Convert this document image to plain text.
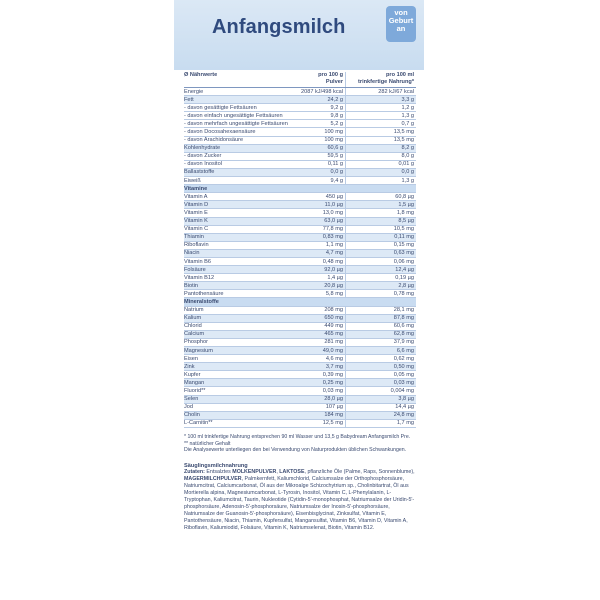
Anfangsmilch
von
Geburt
an
Ø Nährwerte	pro 100 g
Pulver
pro 100 ml
trinkfertige Nahrung*
Energie	2087 kJ/498 kcal	282 kJ/67 kcal
Fett	24,2 g	3,3 g
- davon gesättigte Fettsäuren	9,2 g	1,2 g
- davon einfach ungesättigte Fettsäuren	9,8 g	1,3 g
- davon mehrfach ungesättigte Fettsäuren	5,2 g	0,7 g
- davon Docosahexaensäure	100 mg	13,5 mg
- davon Arachidonsäure	100 mg	13,5 mg
Kohlenhydrate	60,6 g	8,2 g
- davon Zucker	59,5 g	8,0 g
- davon Inositol	0,11 g	0,01 g
Ballaststoffe	0,0 g	0,0 g
Eiweiß	9,4 g	1,3 g
Vitamine
Vitamin A	450 µg	60,8 µg
Vitamin D	11,0 µg	1,5 µg
Vitamin E	13,0 mg	1,8 mg
Vitamin K	63,0 µg	8,5 µg
Vitamin C	77,8 mg	10,5 mg
Thiamin	0,83 mg	0,11 mg
Riboflavin	1,1 mg	0,15 mg
Niacin	4,7 mg	0,63 mg
Vitamin B6	0,48 mg	0,06 mg
Folsäure	92,0 µg	12,4 µg
Vitamin B12	1,4 µg	0,19 µg
Biotin	20,8 µg	2,8 µg
Pantothensäure	5,8 mg	0,78 mg
Mineralstoffe
Natrium	208 mg	28,1 mg
Kalium	650 mg	87,8 mg
Chlorid	449 mg	60,6 mg
Calcium	465 mg	62,8 mg
Phosphor	281 mg	37,9 mg
Magnesium	49,0 mg	6,6 mg
Eisen	4,6 mg	0,62 mg
Zink	3,7 mg	0,50 mg
Kupfer	0,39 mg	0,05 mg
Mangan	0,25 mg	0,03 mg
Fluorid**	0,03 mg	0,004 mg
Selen	28,0 µg	3,8 µg
Jod	107 µg	14,4 µg
Cholin	184 mg	24,8 mg
L-Carnitin**	12,5 mg	1,7 mg
* 100 ml trinkfertige Nahrung entsprechen 90 ml Wasser und 13,5 g Babydream Anfangsmilch Pre.
** natürlicher Gehalt
Die Analysewerte unterliegen den bei Verwendung von Naturprodukten üblichen Schwankungen.
Säuglingsmilchnahrung
Zutaten: Entsalztes MOLKENPULVER, LAKTOSE, pflanzliche Öle (Palme, Raps, Sonnenblume), MAGERMILCHPULVER, Palmkernfett, Kaliumchlorid, Calciumsalze der Orthophosphorsäure, Natriumcitrat, Calciumcarbonat, Öl aus der Mikroalge Schizochytrium sp., Cholinbitartrat, Öl aus Mortierella alpina, Magnesiumcarbonat, L-Tyrosin, Inositol, Vitamin C, L-Phenylalanin, L-Tryptophan, Kaliumcitrat, Taurin, Nukleotide (Cytidin-5'-monophosphat, Natriumsalze der Uridin-5'-phosphorsäure, Adenosin-5'-phosphorsäure, Natriumsalze der Inosin-5'-phosphorsäure, Natriumsalze der Guanosin-5'-phosphorsäure), Eisenbisglycinat, Zinksulfat, Vitamin E, Pantothensäure, Niacin, Thiamin, Kupfersulfat, Mangansulfat, Vitamin B6, Vitamin D, Vitamin A, Riboflavin, Kaliumiodid, Folsäure, Vitamin K, Natriumselenat, Biotin, Vitamin B12.
